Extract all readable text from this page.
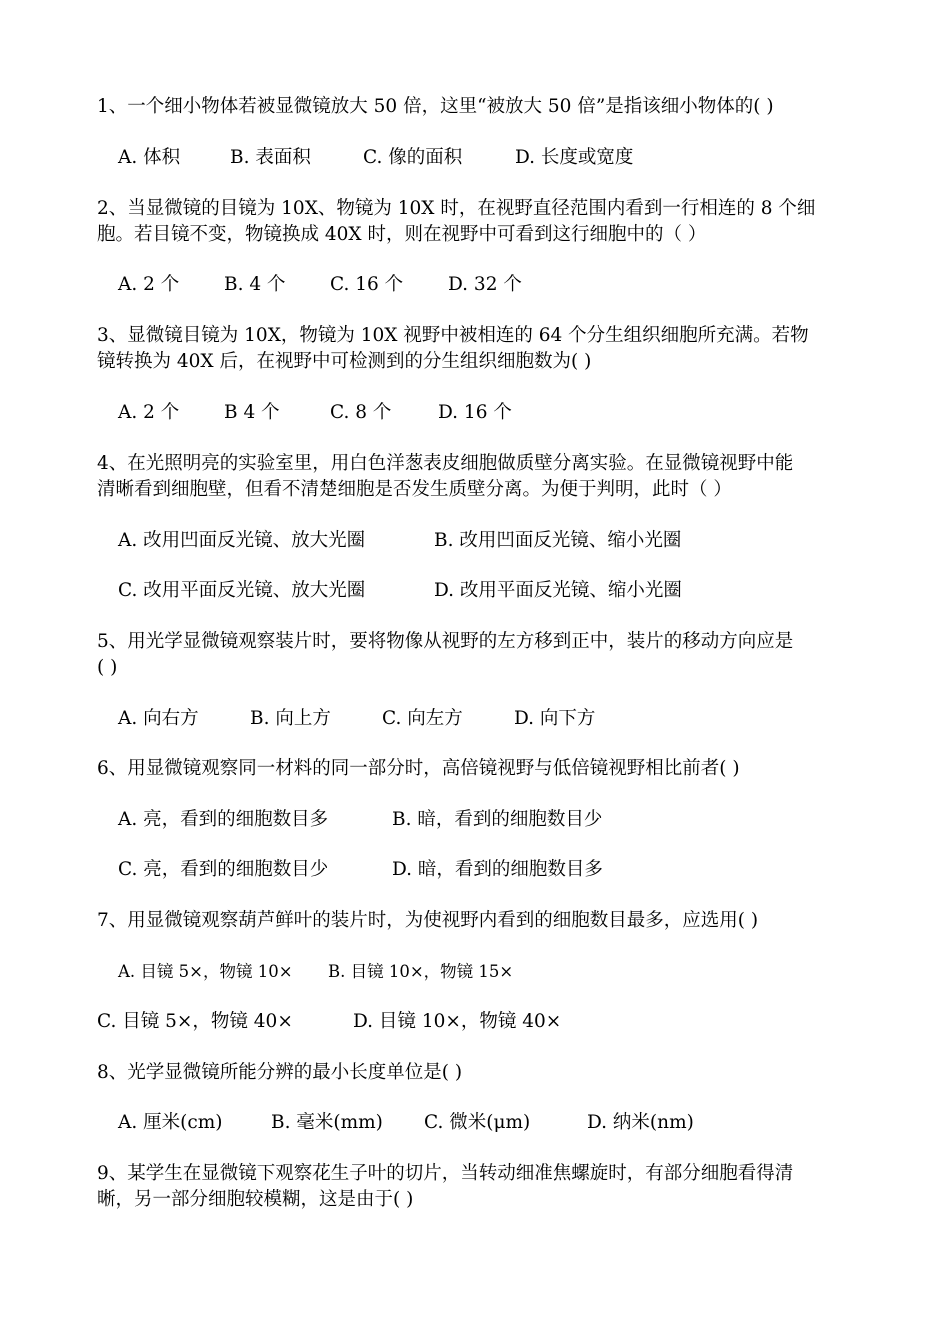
1、一个细小物体若被显微镜放大 50 倍，这里“被放大 50 倍”是指该细小物体的( )
A. 体积	B. 表面积	C. 像的面积	D. 长度或宽度
2、当显微镜的目镜为 10X、物镜为 10X 时，在视野直径范围内看到一行相连的 8 个细
胞。若目镜不变，物镜换成 40X 时，则在视野中可看到这行细胞中的（ ）
A. 2 个 B. 4 个 C. 16 个 D. 32 个
3、显微镜目镜为 10X，物镜为 10X 视野中被相连的 64 个分生组织细胞所充满。若物
镜转换为 40X 后，在视野中可检测到的分生组织细胞数为( )
A. 2 个 B 4 个	C. 8 个	D. 16 个
4、在光照明亮的实验室里，用白色洋葱表皮细胞做质壁分离实验。在显微镜视野中能
清晰看到细胞壁，但看不清楚细胞是否发生质壁分离。为便于判明，此时（ ）
A. 改用凹面反光镜、放大光圈	B. 改用凹面反光镜、缩小光圈
C. 改用平面反光镜、放大光圈	D. 改用平面反光镜、缩小光圈
5、用光学显微镜观察装片时，要将物像从视野的左方移到正中，装片的移动方向应是
( )
A. 向右方	B. 向上方	C. 向左方	D. 向下方
6、用显微镜观察同一材料的同一部分时，高倍镜视野与低倍镜视野相比前者( )
A. 亮，看到的细胞数目多	B. 暗，看到的细胞数目少
C. 亮，看到的细胞数目少	D. 暗，看到的细胞数目多
7、用显微镜观察葫芦鲜叶的装片时，为使视野内看到的细胞数目最多，应选用( )
A. 目镜 5×，物镜 10× B. 目镜 10×，物镜 15×
C. 目镜 5×，物镜 40×	D. 目镜 10×，物镜 40×
8、光学显微镜所能分辨的最小长度单位是( )
A. 厘米(cm)	B. 毫米(mm) C. 微米(μm)	D. 纳米(nm)
9、某学生在显微镜下观察花生子叶的切片，当转动细准焦螺旋时，有部分细胞看得清
晰，另一部分细胞较模糊，这是由于( )
